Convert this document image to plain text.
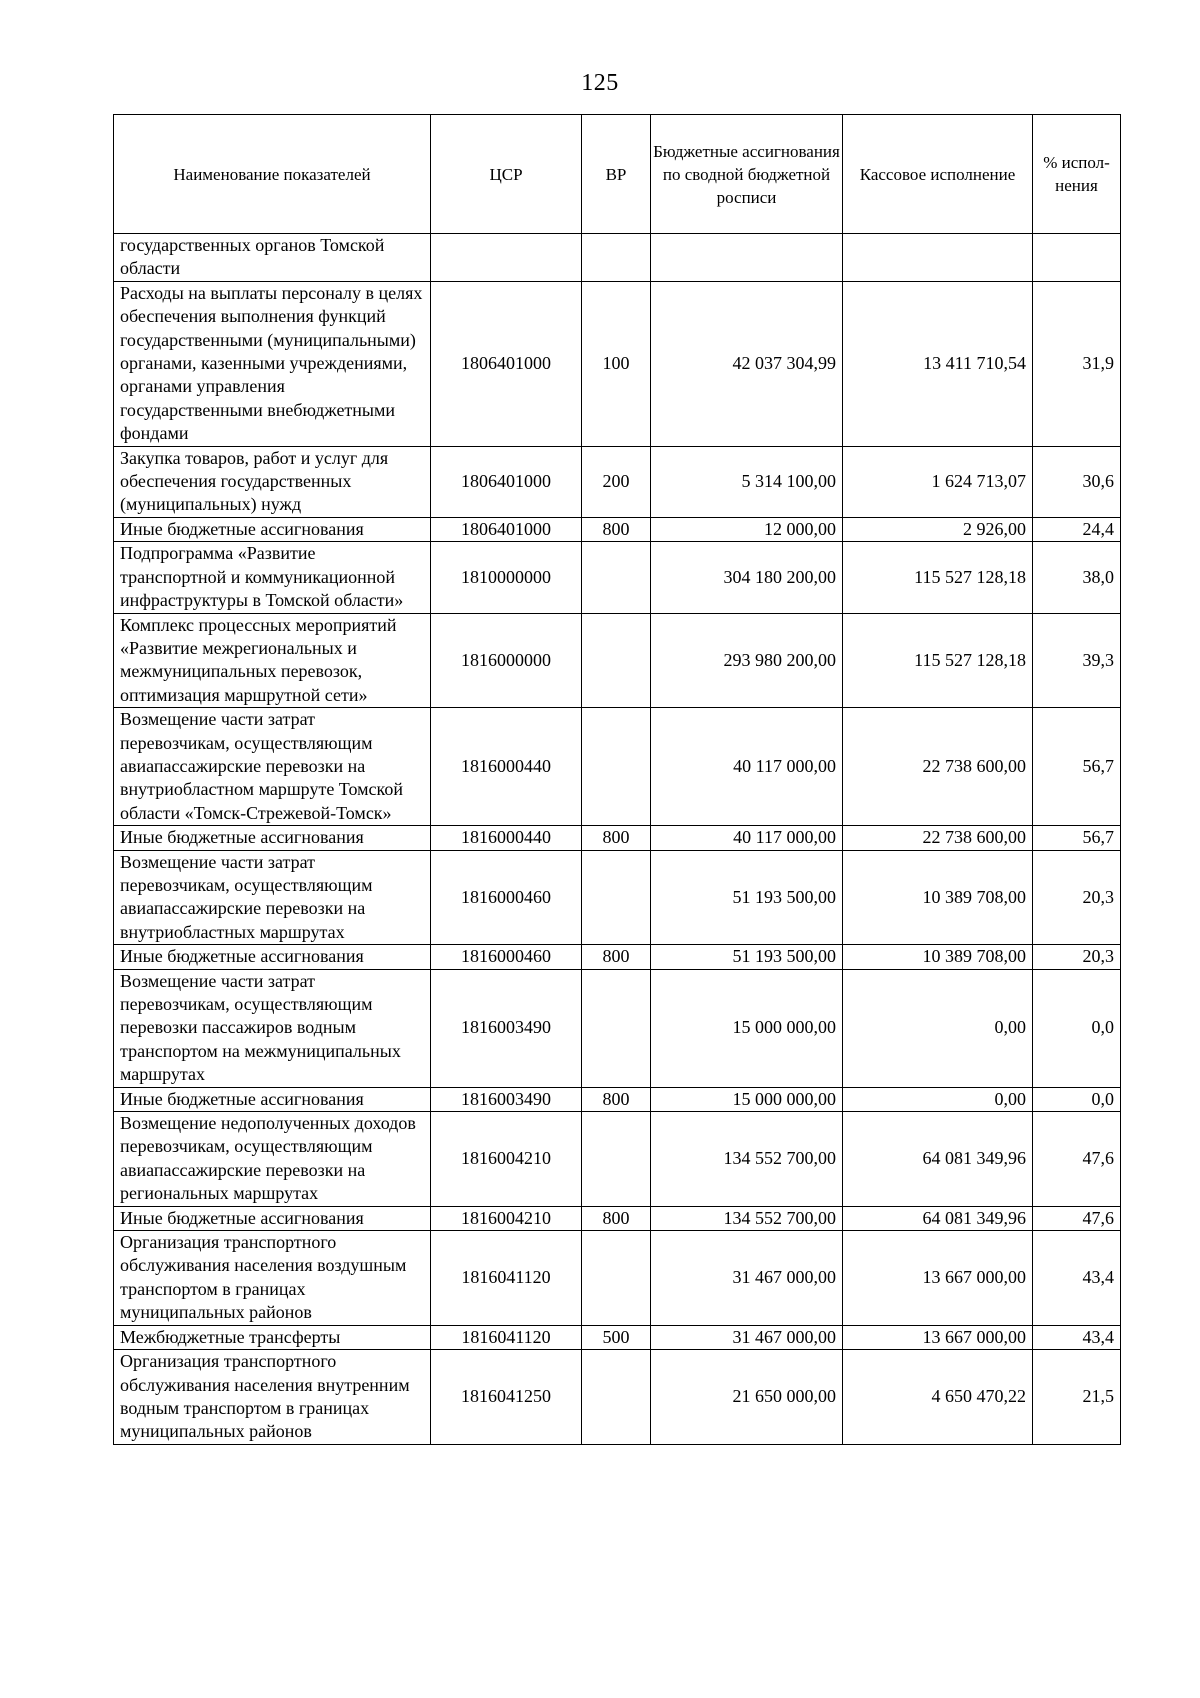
125
Наименование показателей	ЦСР	ВР	Бюджетные ассигнования по сводной бюджетной росписи	Кассовое исполнение	% испол-нения
государственных органов Томской области					
Расходы на выплаты персоналу в целях обеспечения выполнения функций государственными (муниципальными) органами, казенными учреждениями, органами управления государственными внебюджетными фондами	1806401000	100	42 037 304,99	13 411 710,54	31,9
Закупка товаров, работ и услуг для обеспечения государственных (муниципальных) нужд	1806401000	200	5 314 100,00	1 624 713,07	30,6
Иные бюджетные ассигнования	1806401000	800	12 000,00	2 926,00	24,4
Подпрограмма «Развитие транспортной и коммуникационной инфраструктуры в Томской области»	1810000000		304 180 200,00	115 527 128,18	38,0
Комплекс процессных мероприятий «Развитие межрегиональных и межмуниципальных перевозок, оптимизация маршрутной сети»	1816000000		293 980 200,00	115 527 128,18	39,3
Возмещение части затрат перевозчикам, осуществляющим авиапассажирские перевозки на внутриобластном маршруте Томской области «Томск-Стрежевой-Томск»	1816000440		40 117 000,00	22 738 600,00	56,7
Иные бюджетные ассигнования	1816000440	800	40 117 000,00	22 738 600,00	56,7
Возмещение части затрат перевозчикам, осуществляющим авиапассажирские перевозки на внутриобластных маршрутах	1816000460		51 193 500,00	10 389 708,00	20,3
Иные бюджетные ассигнования	1816000460	800	51 193 500,00	10 389 708,00	20,3
Возмещение части затрат перевозчикам, осуществляющим перевозки пассажиров водным транспортом на межмуниципальных маршрутах	1816003490		15 000 000,00	0,00	0,0
Иные бюджетные ассигнования	1816003490	800	15 000 000,00	0,00	0,0
Возмещение недополученных доходов перевозчикам, осуществляющим авиапассажирские перевозки на региональных маршрутах	1816004210		134 552 700,00	64 081 349,96	47,6
Иные бюджетные ассигнования	1816004210	800	134 552 700,00	64 081 349,96	47,6
Организация транспортного обслуживания населения воздушным транспортом в границах муниципальных районов	1816041120		31 467 000,00	13 667 000,00	43,4
Межбюджетные трансферты	1816041120	500	31 467 000,00	13 667 000,00	43,4
Организация транспортного обслуживания населения внутренним водным транспортом в границах муниципальных районов	1816041250		21 650 000,00	4 650 470,22	21,5
